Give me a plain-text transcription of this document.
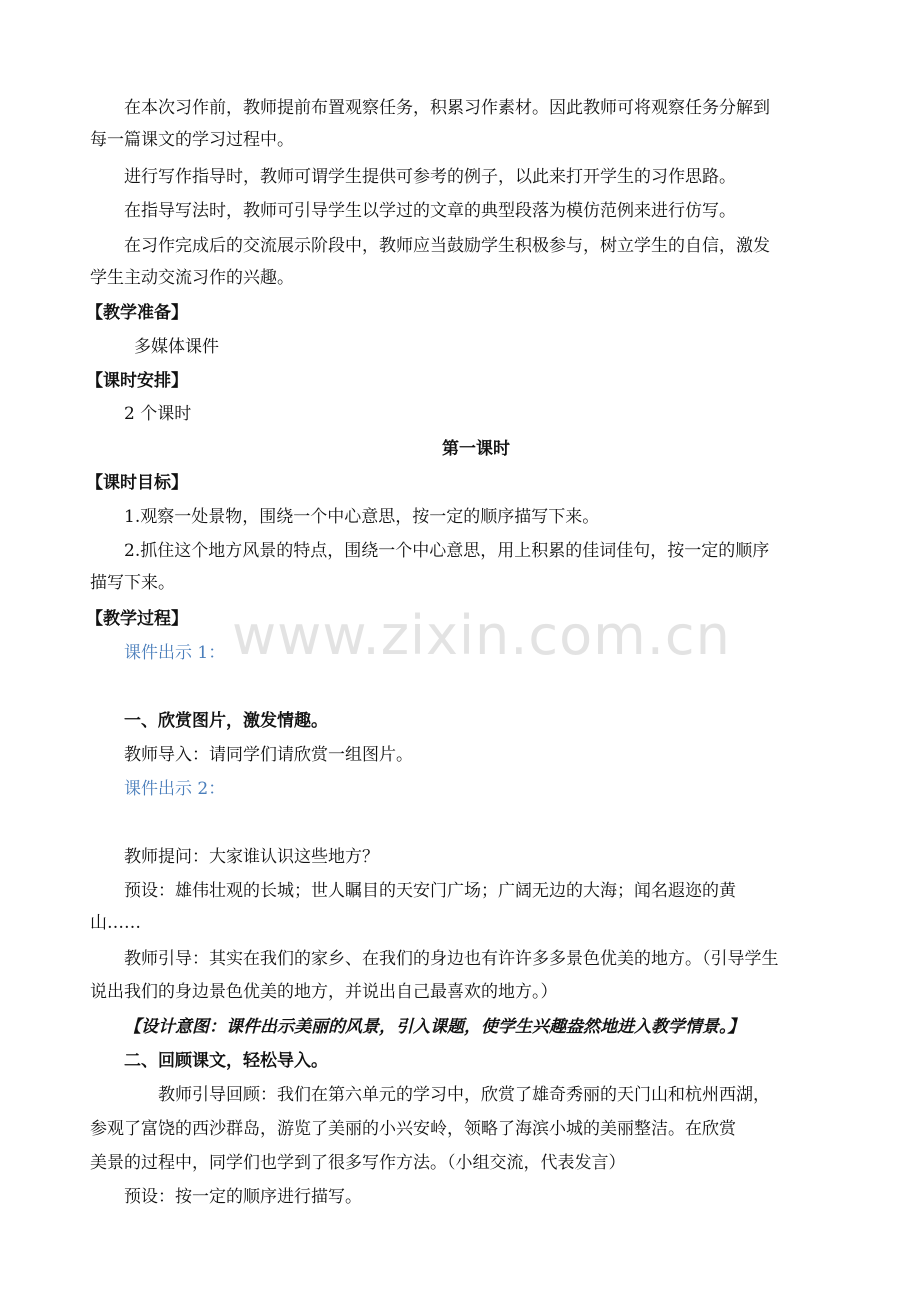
在本次习作前，教师提前布置观察任务，积累习作素材。因此教师可将观察任务分解到
每一篇课文的学习过程中。
进行写作指导时，教师可谓学生提供可参考的例子，以此来打开学生的习作思路。
在指导写法时，教师可引导学生以学过的文章的典型段落为模仿范例来进行仿写。
在习作完成后的交流展示阶段中，教师应当鼓励学生积极参与，树立学生的自信，激发
学生主动交流习作的兴趣。
【教学准备】
多媒体课件
【课时安排】
2 个课时
第一课时
【课时目标】
1.观察一处景物，围绕一个中心意思，按一定的顺序描写下来。
2.抓住这个地方风景的特点，围绕一个中心意思，用上积累的佳词佳句，按一定的顺序
描写下来。
【教学过程】
课件出示 1：
一、欣赏图片，激发情趣。
教师导入：请同学们请欣赏一组图片。
课件出示 2：
教师提问：大家谁认识这些地方？
预设：雄伟壮观的长城；世人瞩目的天安门广场；广阔无边的大海；闻名遐迩的黄
山……
教师引导：其实在我们的家乡、在我们的身边也有许许多多景色优美的地方。（引导学生
说出我们的身边景色优美的地方，并说出自己最喜欢的地方。）
【设计意图：课件出示美丽的风景，引入课题，使学生兴趣盎然地进入教学情景。】
二、回顾课文，轻松导入。
教师引导回顾：我们在第六单元的学习中，欣赏了雄奇秀丽的天门山和杭州西湖，
参观了富饶的西沙群岛，游览了美丽的小兴安岭，领略了海滨小城的美丽整洁。在欣赏
美景的过程中，同学们也学到了很多写作方法。（小组交流，代表发言）
预设：按一定的顺序进行描写。
www.zixin.com.cn
